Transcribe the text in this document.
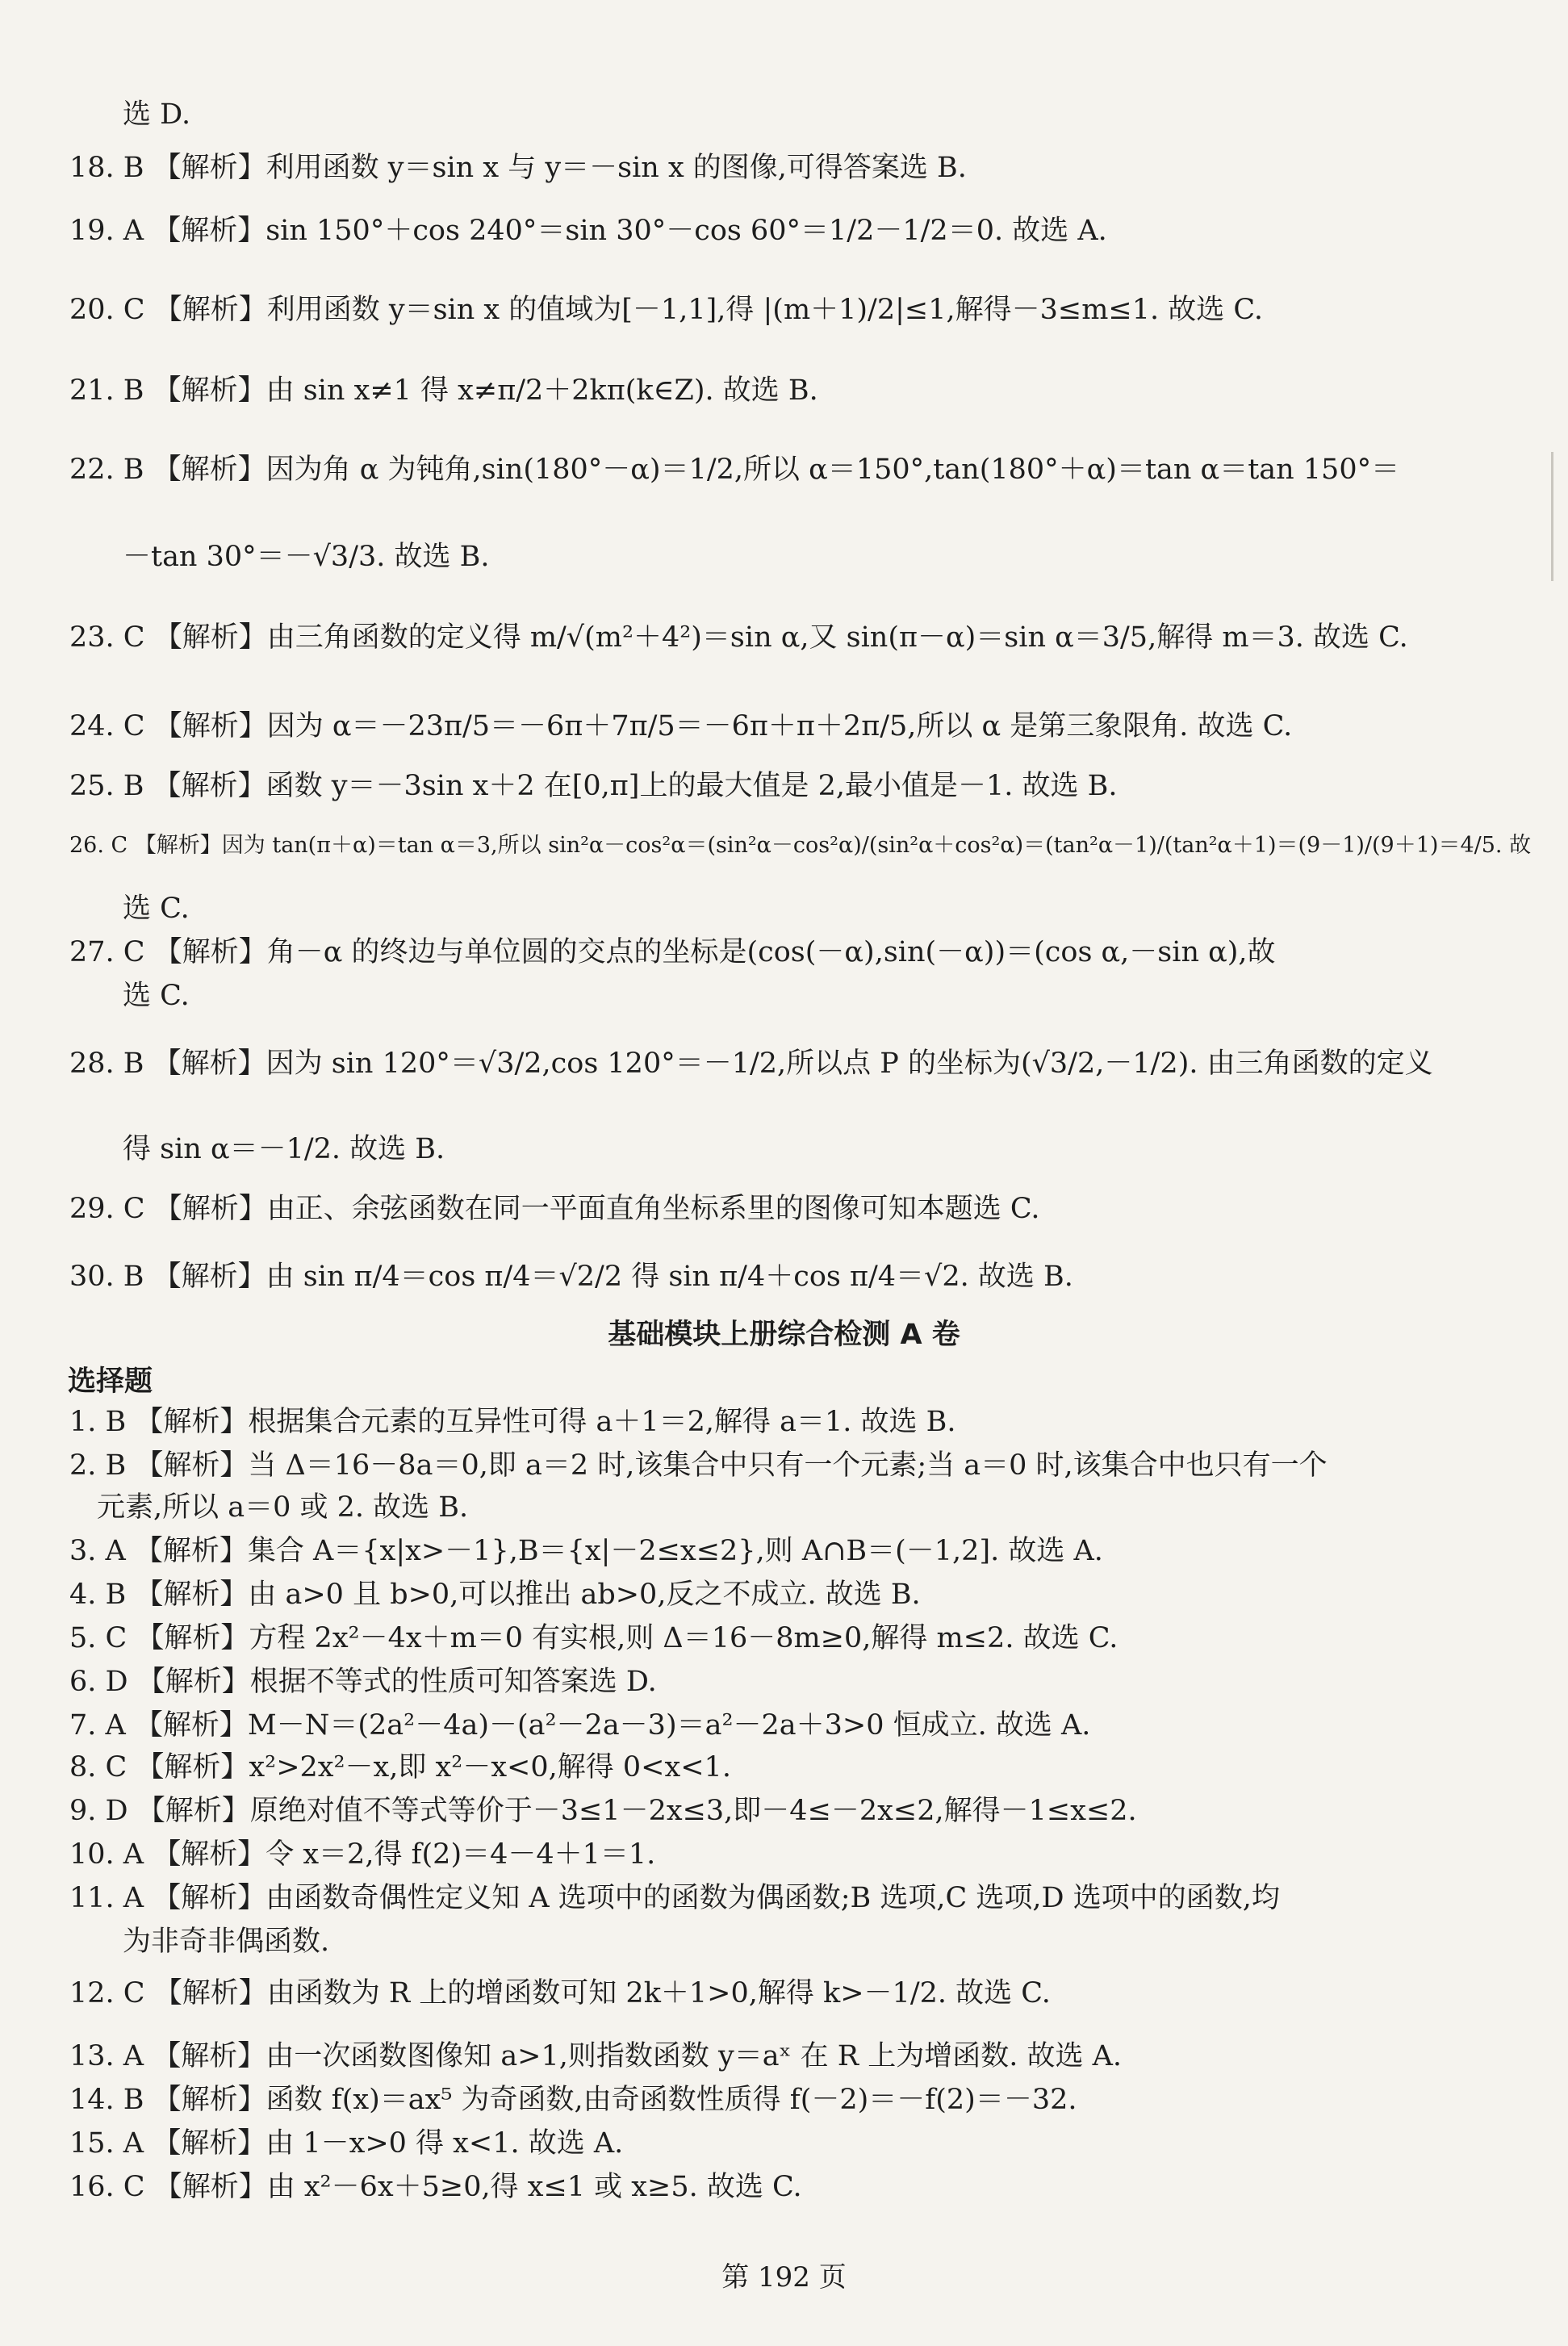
选 D.
18. B 【解析】利用函数 y＝sin x 与 y＝－sin x 的图像,可得答案选 B.
19. A 【解析】sin 150°＋cos 240°＝sin 30°－cos 60°＝1/2－1/2＝0. 故选 A.
20. C 【解析】利用函数 y＝sin x 的值域为[－1,1],得 |(m＋1)/2|≤1,解得－3≤m≤1. 故选 C.
21. B 【解析】由 sin x≠1 得 x≠π/2＋2kπ(k∈Z). 故选 B.
22. B 【解析】因为角 α 为钝角,sin(180°－α)＝1/2,所以 α＝150°,tan(180°＋α)＝tan α＝tan 150°＝
－tan 30°＝－√3/3. 故选 B.
23. C 【解析】由三角函数的定义得 m/√(m²＋4²)＝sin α,又 sin(π－α)＝sin α＝3/5,解得 m＝3. 故选 C.
24. C 【解析】因为 α＝－23π/5＝－6π＋7π/5＝－6π＋π＋2π/5,所以 α 是第三象限角. 故选 C.
25. B 【解析】函数 y＝－3sin x＋2 在[0,π]上的最大值是 2,最小值是－1. 故选 B.
26. C 【解析】因为 tan(π＋α)＝tan α＝3,所以 sin²α－cos²α＝(sin²α－cos²α)/(sin²α＋cos²α)＝(tan²α－1)/(tan²α＋1)＝(9－1)/(9＋1)＝4/5. 故
选 C.
27. C 【解析】角－α 的终边与单位圆的交点的坐标是(cos(－α),sin(－α))＝(cos α,－sin α),故
选 C.
28. B 【解析】因为 sin 120°＝√3/2,cos 120°＝－1/2,所以点 P 的坐标为(√3/2,－1/2). 由三角函数的定义
得 sin α＝－1/2. 故选 B.
29. C 【解析】由正、余弦函数在同一平面直角坐标系里的图像可知本题选 C.
30. B 【解析】由 sin π/4＝cos π/4＝√2/2 得 sin π/4＋cos π/4＝√2. 故选 B.
基础模块上册综合检测 A 卷
选择题
1. B 【解析】根据集合元素的互异性可得 a＋1＝2,解得 a＝1. 故选 B.
2. B 【解析】当 Δ＝16－8a＝0,即 a＝2 时,该集合中只有一个元素;当 a＝0 时,该集合中也只有一个
元素,所以 a＝0 或 2. 故选 B.
3. A 【解析】集合 A＝{x|x>－1},B＝{x|－2≤x≤2},则 A∩B＝(－1,2]. 故选 A.
4. B 【解析】由 a>0 且 b>0,可以推出 ab>0,反之不成立. 故选 B.
5. C 【解析】方程 2x²－4x＋m＝0 有实根,则 Δ＝16－8m≥0,解得 m≤2. 故选 C.
6. D 【解析】根据不等式的性质可知答案选 D.
7. A 【解析】M－N＝(2a²－4a)－(a²－2a－3)＝a²－2a＋3>0 恒成立. 故选 A.
8. C 【解析】x²>2x²－x,即 x²－x<0,解得 0<x<1.
9. D 【解析】原绝对值不等式等价于－3≤1－2x≤3,即－4≤－2x≤2,解得－1≤x≤2.
10. A 【解析】令 x＝2,得 f(2)＝4－4＋1＝1.
11. A 【解析】由函数奇偶性定义知 A 选项中的函数为偶函数;B 选项,C 选项,D 选项中的函数,均
为非奇非偶函数.
12. C 【解析】由函数为 R 上的增函数可知 2k＋1>0,解得 k>－1/2. 故选 C.
13. A 【解析】由一次函数图像知 a>1,则指数函数 y＝aˣ 在 R 上为增函数. 故选 A.
14. B 【解析】函数 f(x)＝ax⁵ 为奇函数,由奇函数性质得 f(－2)＝－f(2)＝－32.
15. A 【解析】由 1－x>0 得 x<1. 故选 A.
16. C 【解析】由 x²－6x＋5≥0,得 x≤1 或 x≥5. 故选 C.
第 192 页
